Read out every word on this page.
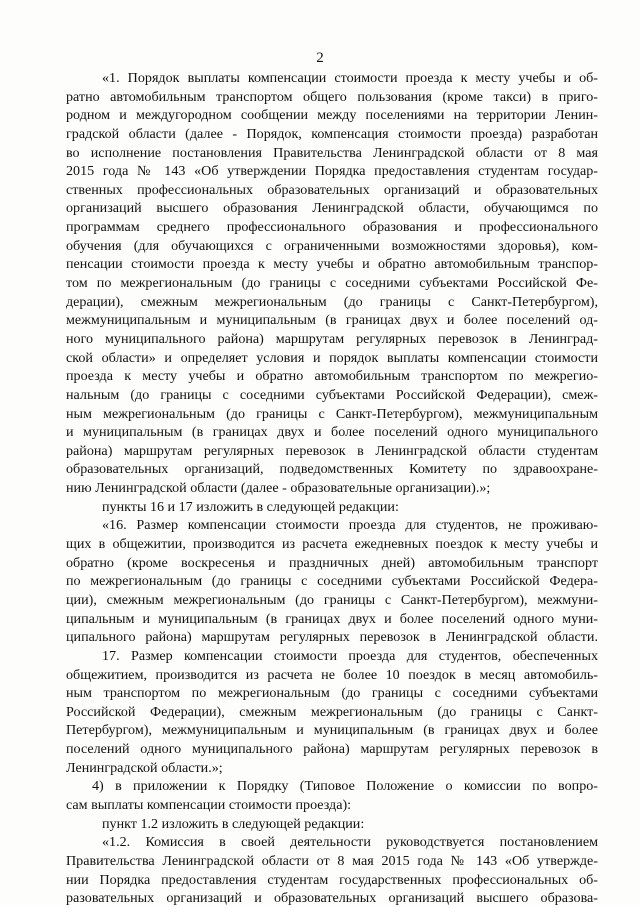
2
«1. Порядок выплаты компенсации стоимости проезда к месту учебы и об-
ратно автомобильным транспортом общего пользования (кроме такси) в приго-
родном и междугородном сообщении между поселениями на территории Ленин-
градской области (далее - Порядок, компенсация стоимости проезда) разработан
во исполнение постановления Правительства Ленинградской области от 8 мая
2015 года № 143 «Об утверждении Порядка предоставления студентам государ-
ственных профессиональных образовательных организаций и образовательных
организаций высшего образования Ленинградской области, обучающимся по
программам среднего профессионального образования и профессионального
обучения (для обучающихся с ограниченными возможностями здоровья), ком-
пенсации стоимости проезда к месту учебы и обратно автомобильным транспор-
том по межрегиональным (до границы с соседними субъектами Российской Фе-
дерации), смежным межрегиональным (до границы с Санкт-Петербургом),
межмуниципальным и муниципальным (в границах двух и более поселений од-
ного муниципального района) маршрутам регулярных перевозок в Ленинград-
ской области» и определяет условия и порядок выплаты компенсации стоимости
проезда к месту учебы и обратно автомобильным транспортом по межрегио-
нальным (до границы с соседними субъектами Российской Федерации), смеж-
ным межрегиональным (до границы с Санкт-Петербургом), межмуниципальным
и муниципальным (в границах двух и более поселений одного муниципального
района) маршрутам регулярных перевозок в Ленинградской области студентам
образовательных организаций, подведомственных Комитету по здравоохране-
нию Ленинградской области (далее - образовательные организации).»;
пункты 16 и 17 изложить в следующей редакции:
«16. Размер компенсации стоимости проезда для студентов, не проживаю-
щих в общежитии, производится из расчета ежедневных поездок к месту учебы и
обратно (кроме воскресенья и праздничных дней) автомобильным транспорт
по межрегиональным (до границы с соседними субъектами Российской Федера-
ции), смежным межрегиональным (до границы с Санкт-Петербургом), межмуни-
ципальным и муниципальным (в границах двух и более поселений одного муни-
ципального района) маршрутам регулярных перевозок в Ленинградской области.
17. Размер компенсации стоимости проезда для студентов, обеспеченных
общежитием, производится из расчета не более 10 поездок в месяц автомобиль-
ным транспортом по межрегиональным (до границы с соседними субъектами
Российской Федерации), смежным межрегиональным (до границы с Санкт-
Петербургом), межмуниципальным и муниципальным (в границах двух и более
поселений одного муниципального района) маршрутам регулярных перевозок в
Ленинградской области.»;
4) в приложении к Порядку (Типовое Положение о комиссии по вопро-
сам выплаты компенсации стоимости проезда):
пункт 1.2 изложить в следующей редакции:
«1.2. Комиссия в своей деятельности руководствуется постановлением
Правительства Ленинградской области от 8 мая 2015 года № 143 «Об утвержде-
нии Порядка предоставления студентам государственных профессиональных об-
разовательных организаций и образовательных организаций высшего образова-
